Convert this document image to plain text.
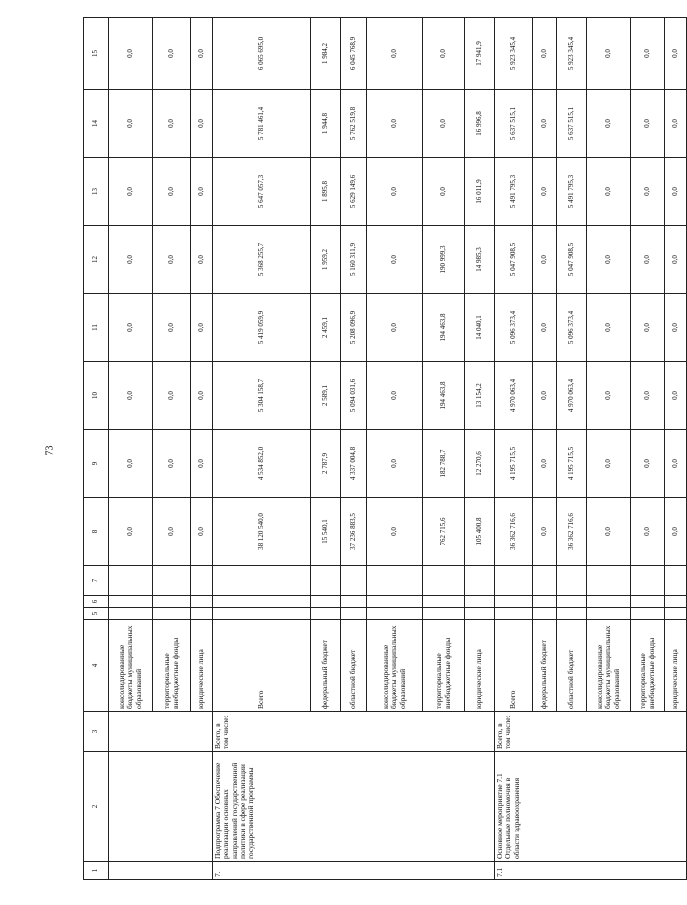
73
1	2	3	4	5	6	7	8	9	10	11	12	13	14	15
			консолидированные бюджеты муниципальных образований				0,0	0,0	0,0	0,0	0,0	0,0	0,0	0,0
			территориальные внебюджетные фонды				0,0	0,0	0,0	0,0	0,0	0,0	0,0	0,0
			юридические лица				0,0	0,0	0,0	0,0	0,0	0,0	0,0	0,0
7.	Подпрограмма 7 Обеспечение реализации основных направлений государственной политики в сфере реализации государственной программы	Всего, в том числе:	Всего				38 120 540,0	4 534 852,0	5 304 158,7	5 419 059,9	5 368 255,7	5 647 057,3	5 781 461,4	6 065 695,0
			федеральный бюджет				15 540,1	2 787,9	2 589,1	2 459,1	1 959,2	1 895,8	1 944,8	1 984,2
			областной бюджет				37 236 883,5	4 337 004,8	5 094 031,6	5 208 096,9	5 160 311,9	5 629 149,6	5 762 519,8	6 045 768,9
			консолидированные бюджеты муниципальных образований				0,0	0,0	0,0	0,0	0,0	0,0	0,0	0,0
			территориальные внебюджетные фонды				762 715,6	182 788,7	194 463,8	194 463,8	190 999,3	0,0	0,0	0,0
			юридические лица				105 400,8	12 270,6	13 154,2	14 040,1	14 985,3	16 011,9	16 996,8	17 941,9
7.1	Основное мероприятие 7.1 Отдельные полномочия в области здравоохранения	Всего, в том числе:	Всего				36 362 716,6	4 195 715,5	4 970 063,4	5 096 373,4	5 047 908,5	5 491 795,3	5 637 515,1	5 923 345,4
			федеральный бюджет				0,0	0,0	0,0	0,0	0,0	0,0	0,0	0,0
			областной бюджет				36 362 716,6	4 195 715,5	4 970 063,4	5 096 373,4	5 047 908,5	5 491 795,3	5 637 515,1	5 923 345,4
			консолидированные бюджеты муниципальных образований				0,0	0,0	0,0	0,0	0,0	0,0	0,0	0,0
			территориальные внебюджетные фонды				0,0	0,0	0,0	0,0	0,0	0,0	0,0	0,0
			юридические лица				0,0	0,0	0,0	0,0	0,0	0,0	0,0	0,0
